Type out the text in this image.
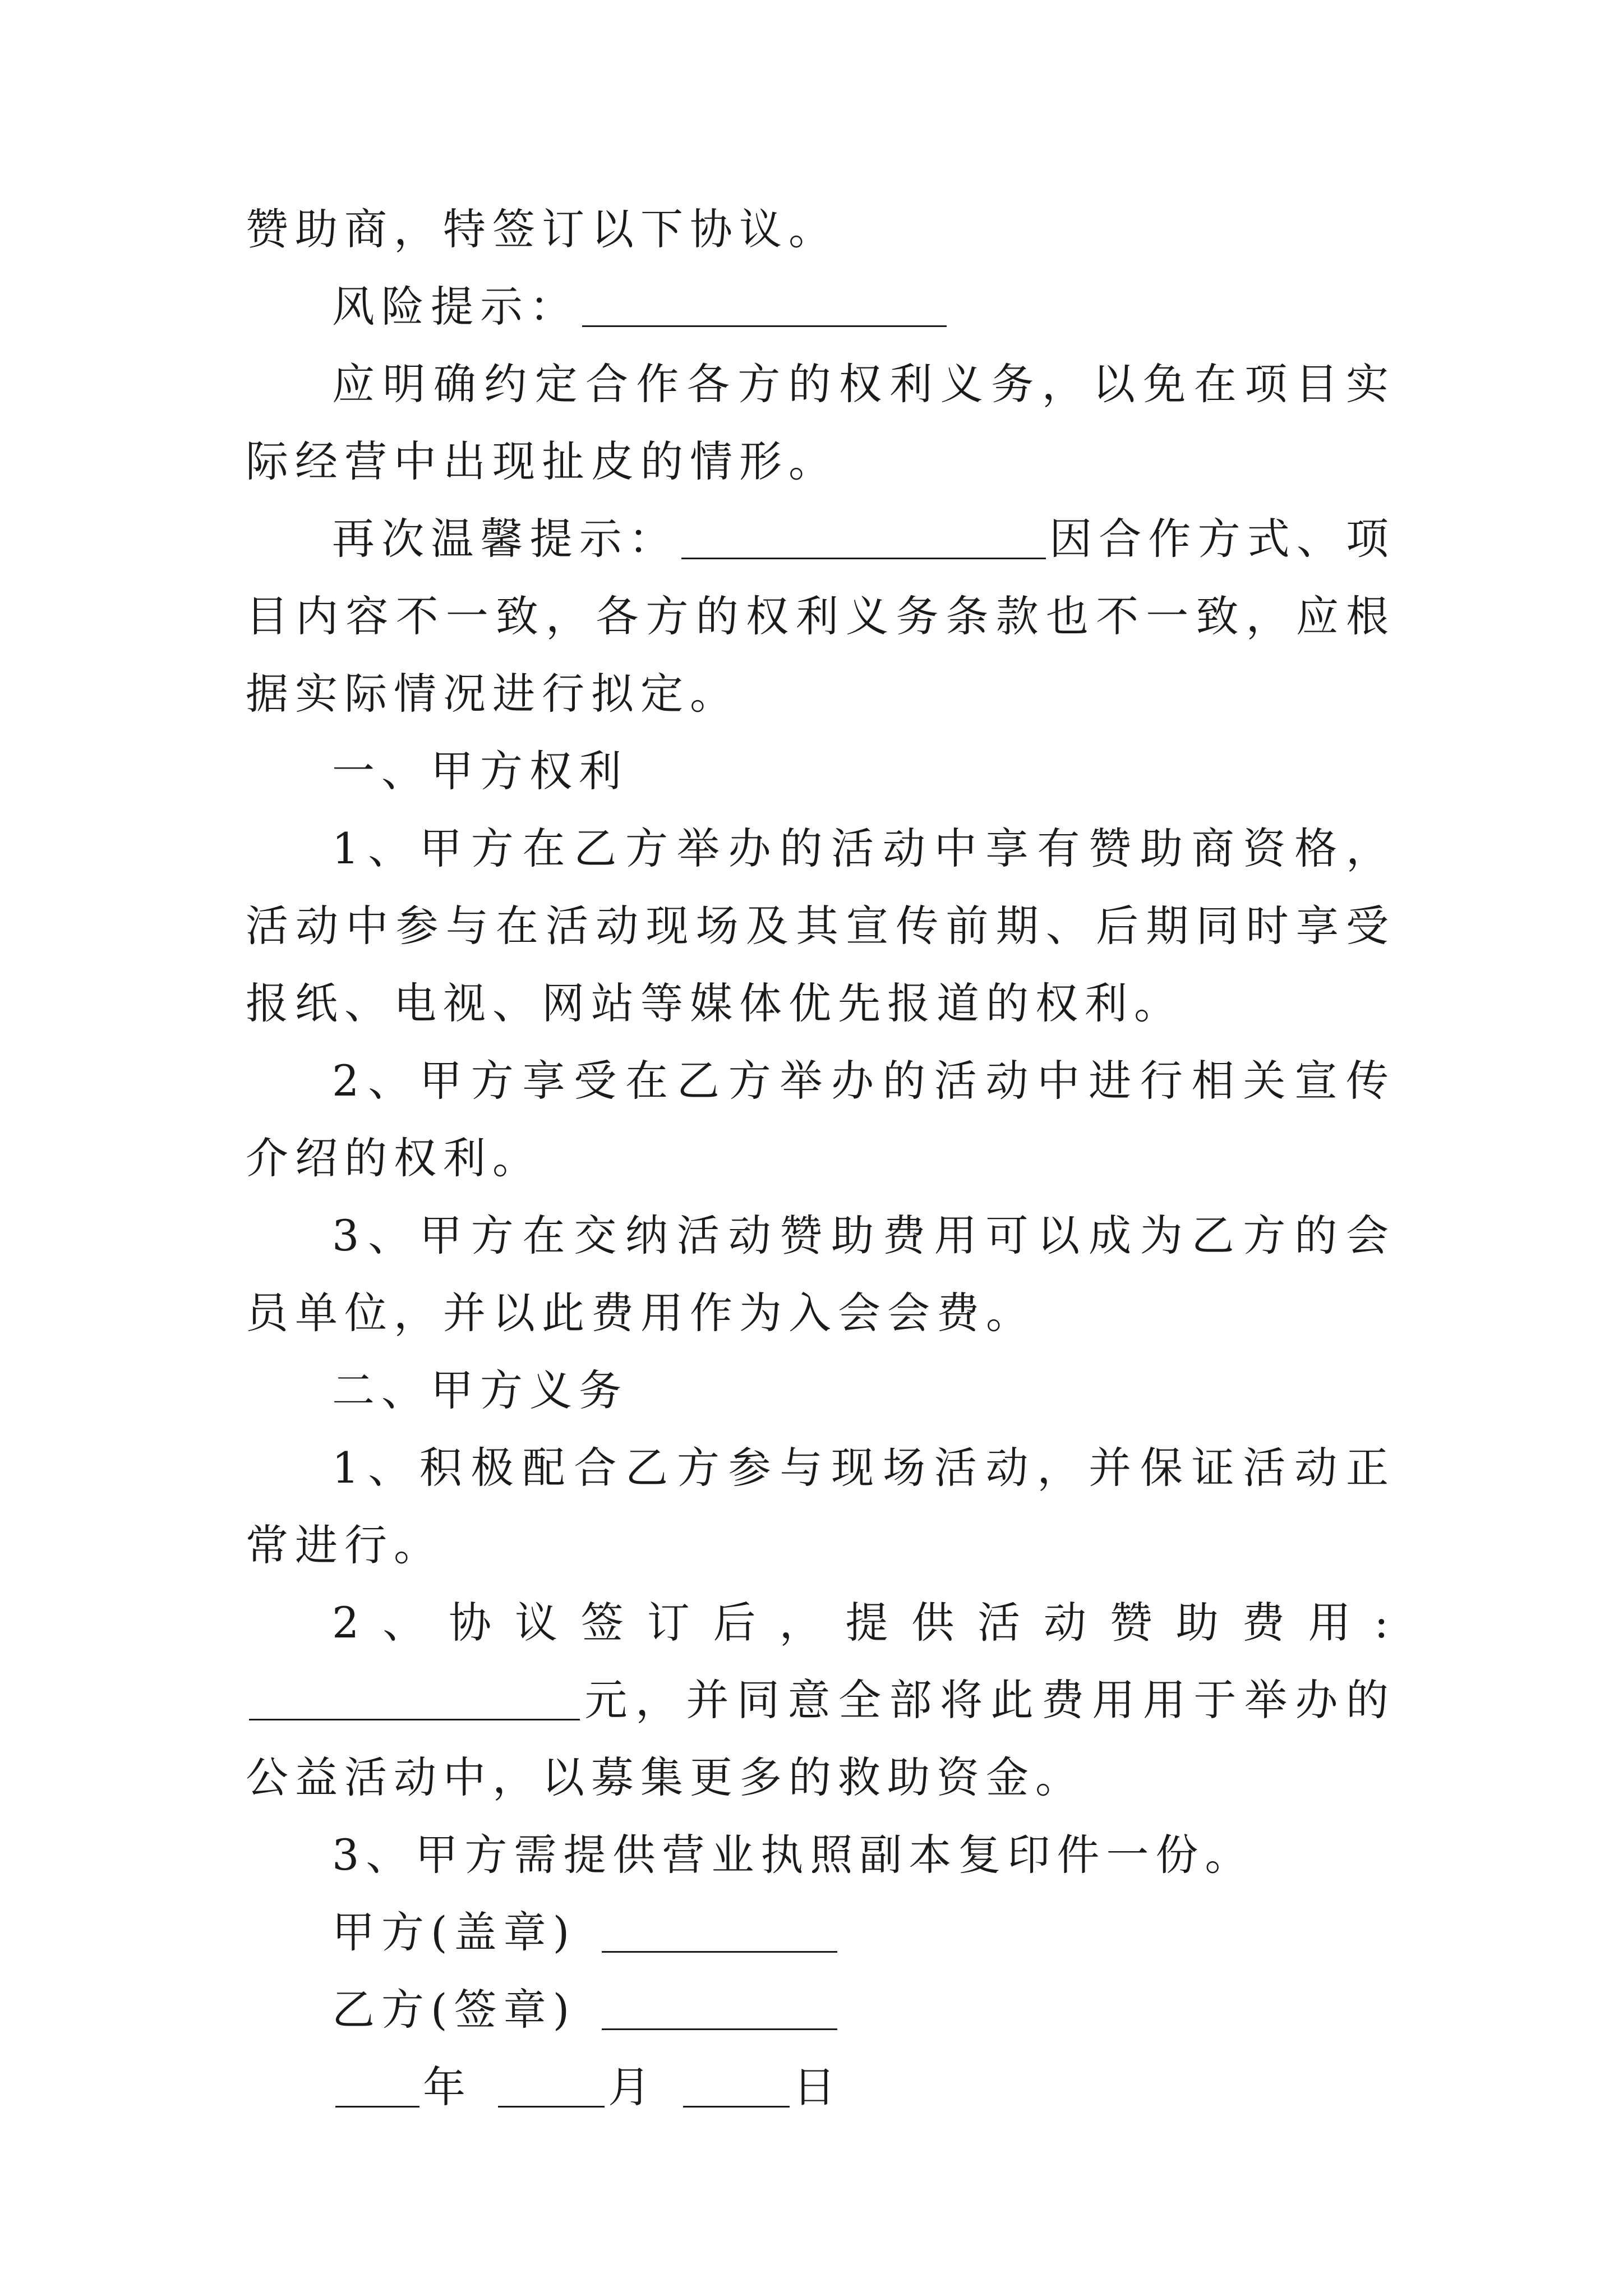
赞助商，特签订以下协议。

风险提示：

应明确约定合作各方的权利义务，以免在项目实际经营中出现扯皮的情形。

再次温馨提示：	因合作方式、项目内容不一致，各方的权利义务条款也不一致，应根据实际情况进行拟定。

一、甲方权利

1、甲方在乙方举办的活动中享有赞助商资格，活动中参与在活动现场及其宣传前期、后期同时享受报纸、电视、网站等媒体优先报道的权利。

2、甲方享受在乙方举办的活动中进行相关宣传介绍的权利。

3、甲方在交纳活动赞助费用可以成为乙方的会员单位，并以此费用作为入会会费。

二、甲方义务

1、积极配合乙方参与现场活动，并保证活动正常进行。

2、协议签订后，提供活动赞助费用:元，并同意全部将此费用用于举办的公益活动中，以募集更多的救助资金。

3、甲方需提供营业执照副本复印件一份。

甲方(盖章)

乙方(签章)

年	月	日
